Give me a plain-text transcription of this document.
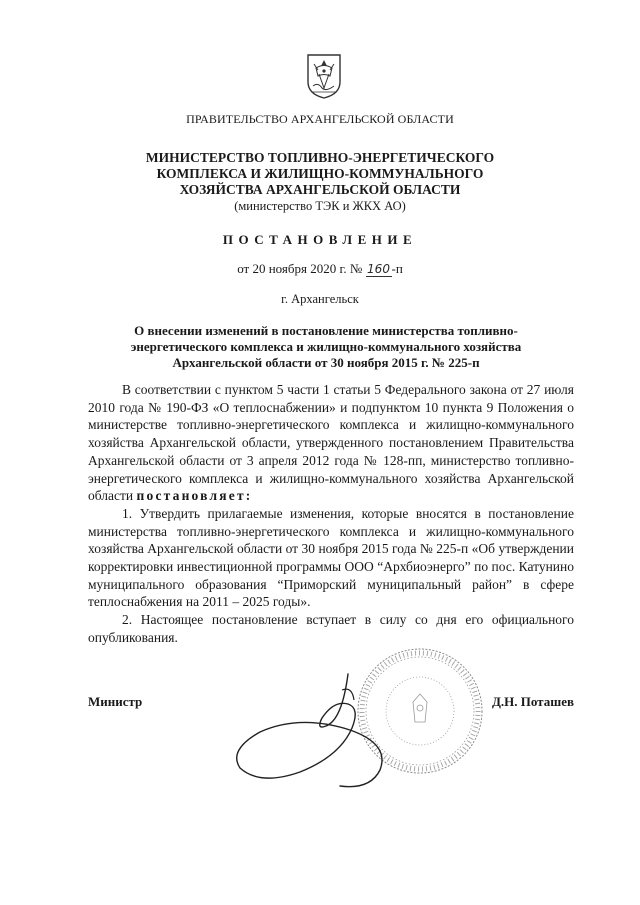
ПРАВИТЕЛЬСТВО АРХАНГЕЛЬСКОЙ ОБЛАСТИ
МИНИСТЕРСТВО ТОПЛИВНО-ЭНЕРГЕТИЧЕСКОГО
КОМПЛЕКСА И ЖИЛИЩНО-КОММУНАЛЬНОГО
ХОЗЯЙСТВА АРХАНГЕЛЬСКОЙ ОБЛАСТИ
(министерство ТЭК и ЖКХ АО)
ПОСТАНОВЛЕНИЕ
от 20 ноября 2020 г. № 160 -п
г. Архангельск
О внесении изменений в постановление министерства топливно-
энергетического комплекса и жилищно-коммунального хозяйства
Архангельской области от 30 ноября 2015 г. № 225-п

В соответствии с пунктом 5 части 1 статьи 5 Федерального закона от 27 июля 2010 года № 190-ФЗ «О теплоснабжении» и подпунктом 10 пункта 9 Положения о министерстве топливно-энергетического комплекса и жилищно-коммунального хозяйства Архангельской области, утвержденного постановлением Правительства Архангельской области от 3 апреля 2012 года № 128-пп, министерство топливно-энергетического комплекса и жилищно-коммунального хозяйства Архангельской области постановляет:

1. Утвердить прилагаемые изменения, которые вносятся в постановление министерства топливно-энергетического комплекса и жилищно-коммунального хозяйства Архангельской области от 30 ноября 2015 года № 225-п «Об утверждении корректировки инвестиционной программы ООО “Архбиоэнерго” по пос. Катунино муниципального образования “Приморский муниципальный район” в сфере теплоснабжения на 2011 – 2025 годы».

2. Настоящее постановление вступает в силу со дня его официального опубликования.

Министр	Д.Н. Поташев
